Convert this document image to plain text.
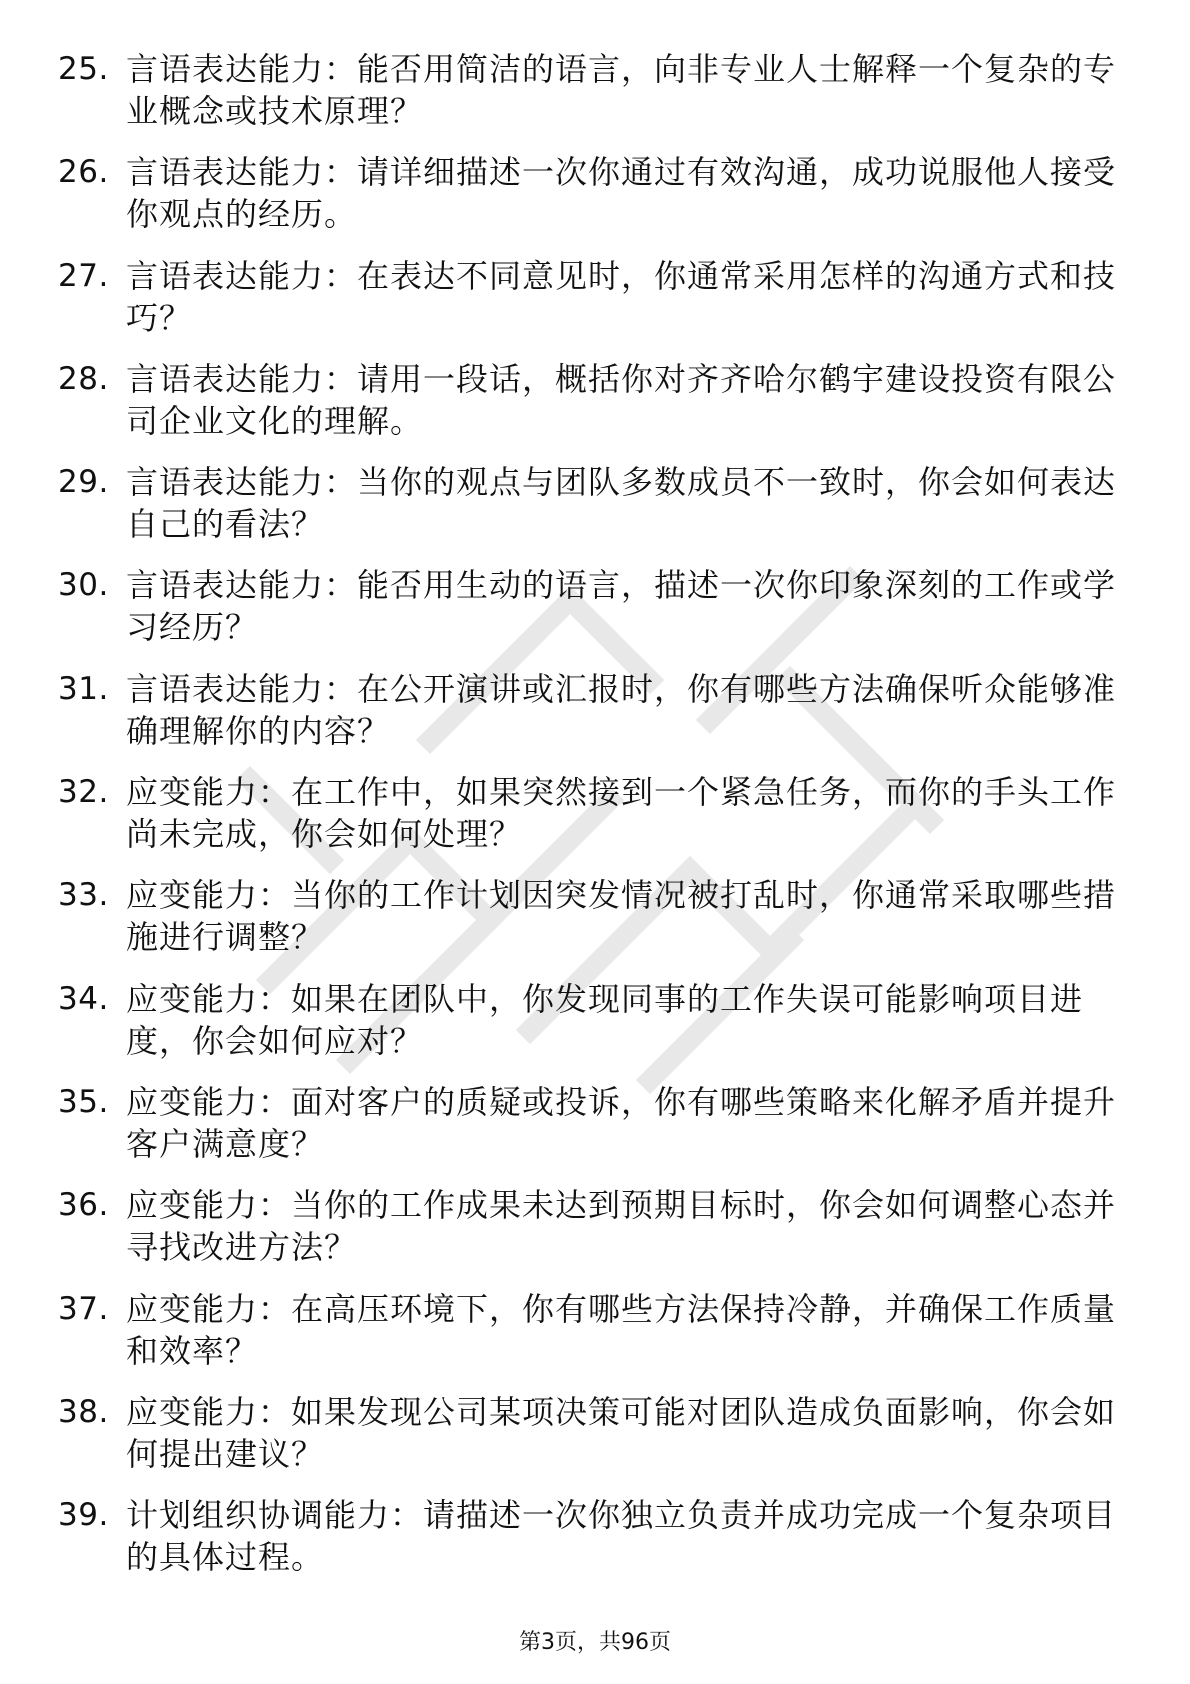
25. 言语表达能力：能否用简洁的语言，向非专业人士解释一个复杂的专业概念或技术原理？
26. 言语表达能力：请详细描述一次你通过有效沟通，成功说服他人接受你观点的经历。
27. 言语表达能力：在表达不同意见时，你通常采用怎样的沟通方式和技巧？
28. 言语表达能力：请用一段话，概括你对齐齐哈尔鹤宇建设投资有限公司企业文化的理解。
29. 言语表达能力：当你的观点与团队多数成员不一致时，你会如何表达自己的看法？
30. 言语表达能力：能否用生动的语言，描述一次你印象深刻的工作或学习经历？
31. 言语表达能力：在公开演讲或汇报时，你有哪些方法确保听众能够准确理解你的内容？
32. 应变能力：在工作中，如果突然接到一个紧急任务，而你的手头工作尚未完成，你会如何处理？
33. 应变能力：当你的工作计划因突发情况被打乱时，你通常采取哪些措施进行调整？
34. 应变能力：如果在团队中，你发现同事的工作失误可能影响项目进度，你会如何应对？
35. 应变能力：面对客户的质疑或投诉，你有哪些策略来化解矛盾并提升客户满意度？
36. 应变能力：当你的工作成果未达到预期目标时，你会如何调整心态并寻找改进方法？
37. 应变能力：在高压环境下，你有哪些方法保持冷静，并确保工作质量和效率？
38. 应变能力：如果发现公司某项决策可能对团队造成负面影响，你会如何提出建议？
39. 计划组织协调能力：请描述一次你独立负责并成功完成一个复杂项目的具体过程。
第3页，共96页
